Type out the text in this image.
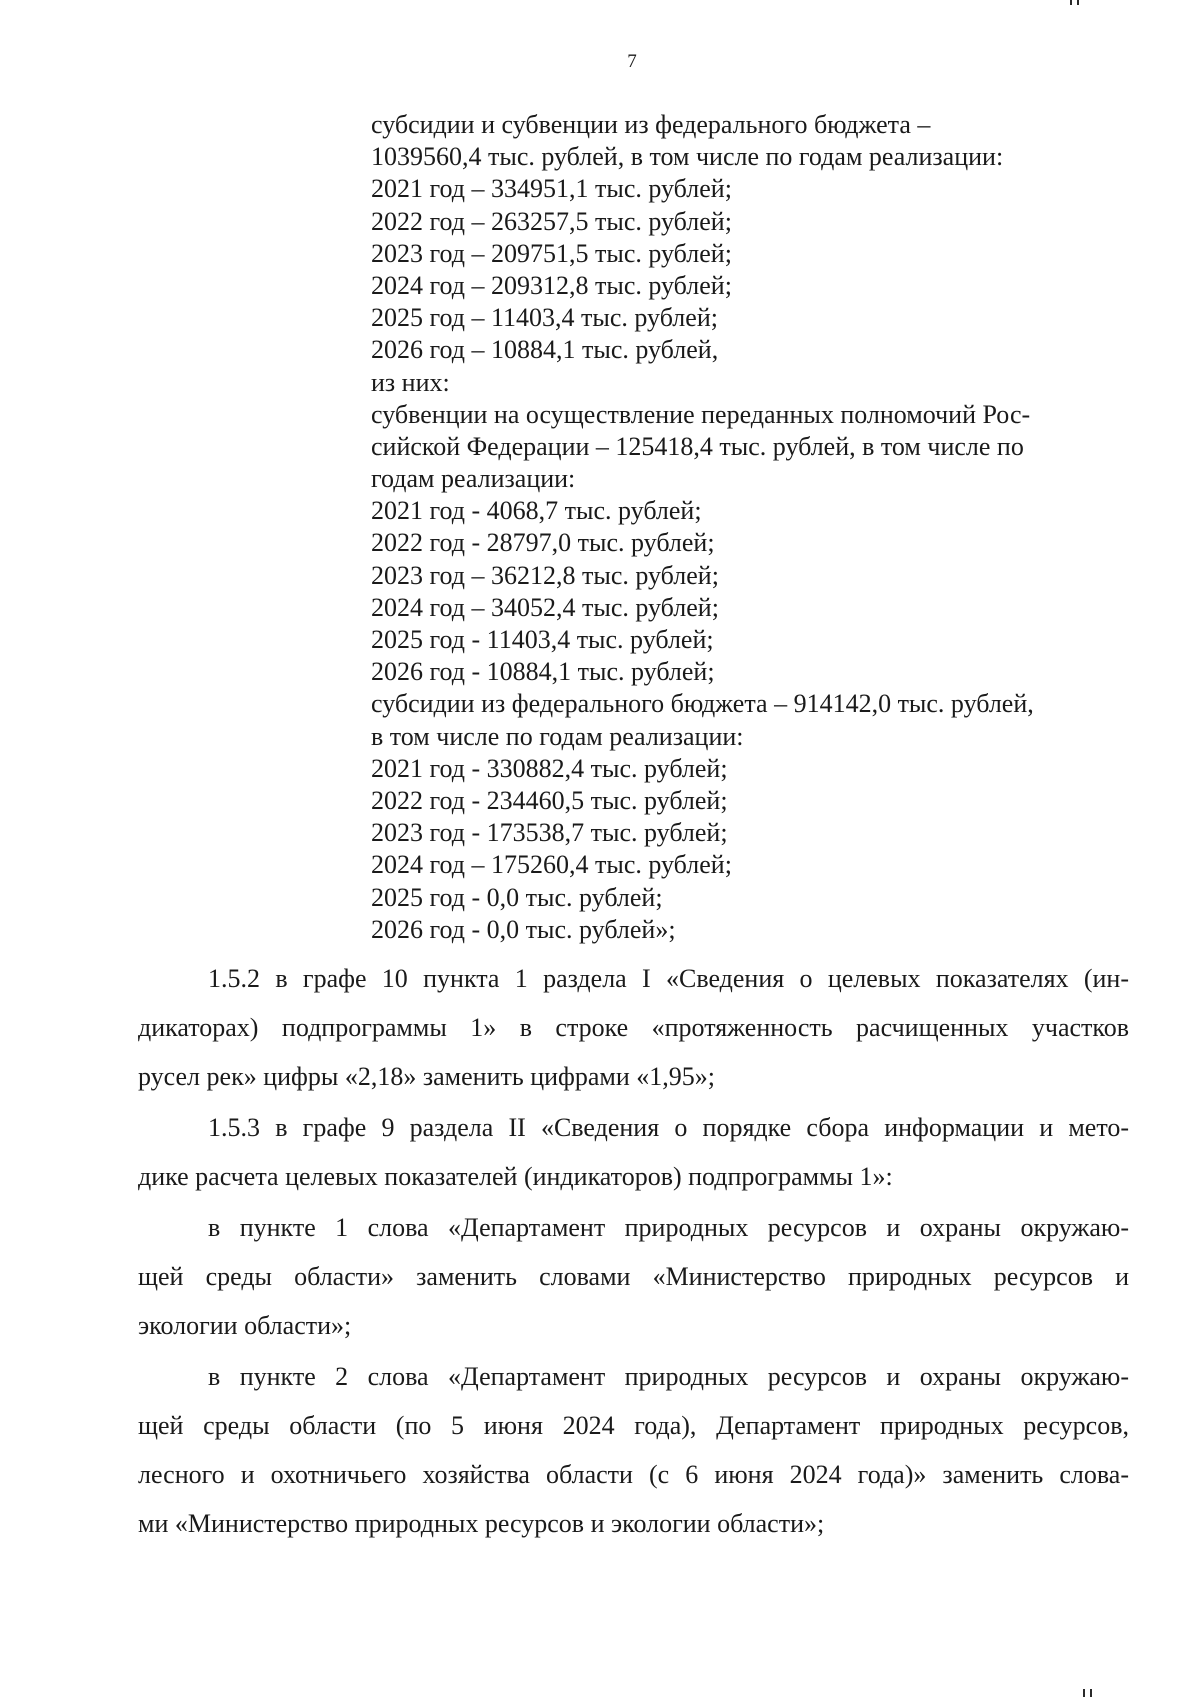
7
субсидии и субвенции из федерального бюджета –
1039560,4 тыс. рублей, в том числе по годам реализации:
2021 год – 334951,1 тыс. рублей;
2022 год – 263257,5 тыс. рублей;
2023 год – 209751,5 тыс. рублей;
2024 год – 209312,8 тыс. рублей;
2025 год – 11403,4 тыс. рублей;
2026 год – 10884,1 тыс. рублей,
из них:
субвенции на осуществление переданных полномочий Рос-
сийской Федерации – 125418,4 тыс. рублей, в том числе по
годам реализации:
2021 год - 4068,7 тыс. рублей;
2022 год - 28797,0 тыс. рублей;
2023 год – 36212,8 тыс. рублей;
2024 год – 34052,4 тыс. рублей;
2025 год - 11403,4 тыс. рублей;
2026 год - 10884,1 тыс. рублей;
субсидии из федерального бюджета – 914142,0 тыс. рублей,
в том числе по годам реализации:
2021 год - 330882,4 тыс. рублей;
2022 год - 234460,5 тыс. рублей;
2023 год - 173538,7 тыс. рублей;
2024 год – 175260,4 тыс. рублей;
2025 год - 0,0 тыс. рублей;
2026 год - 0,0 тыс. рублей»;

1.5.2 в графе 10 пункта 1 раздела I «Сведения о целевых показателях (ин-
дикаторах) подпрограммы 1» в строке «протяженность расчищенных участков
русел рек» цифры «2,18» заменить цифрами «1,95»;

1.5.3 в графе 9 раздела II «Сведения о порядке сбора информации и мето-
дике расчета целевых показателей (индикаторов) подпрограммы 1»:

в пункте 1 слова «Департамент природных ресурсов и охраны окружаю-
щей среды области» заменить словами «Министерство природных ресурсов и
экологии области»;

в пункте 2 слова «Департамент природных ресурсов и охраны окружаю-
щей среды области (по 5 июня 2024 года), Департамент природных ресурсов,
лесного и охотничьего хозяйства области (с 6 июня 2024 года)» заменить слова-
ми «Министерство природных ресурсов и экологии области»;
